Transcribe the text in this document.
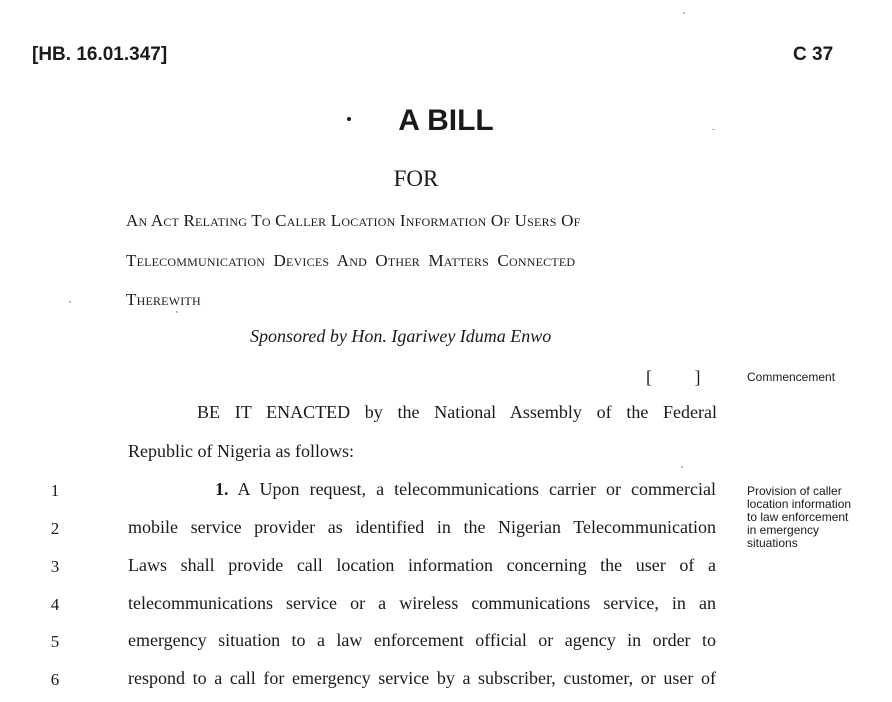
[HB. 16.01.347]	C 37
A BILL
FOR
An Act Relating To Caller Location Information Of Users Of
Telecommunication Devices And Other Matters Connected
Therewith
Sponsored by Hon. Igariwey Iduma Enwo
[ ]	Commencement
BE IT ENACTED by the National Assembly of the Federal
Republic of Nigeria as follows:
1. A Upon request, a telecommunications carrier or commercial
mobile service provider as identified in the Nigerian Telecommunication
Laws shall provide call location information concerning the user of a
telecommunications service or a wireless communications service, in an
emergency situation to a law enforcement official or agency in order to
respond to a call for emergency service by a subscriber, customer, or user of
1
2
3
4
5
6
Provision of caller location information to law enforcement in emergency situations
